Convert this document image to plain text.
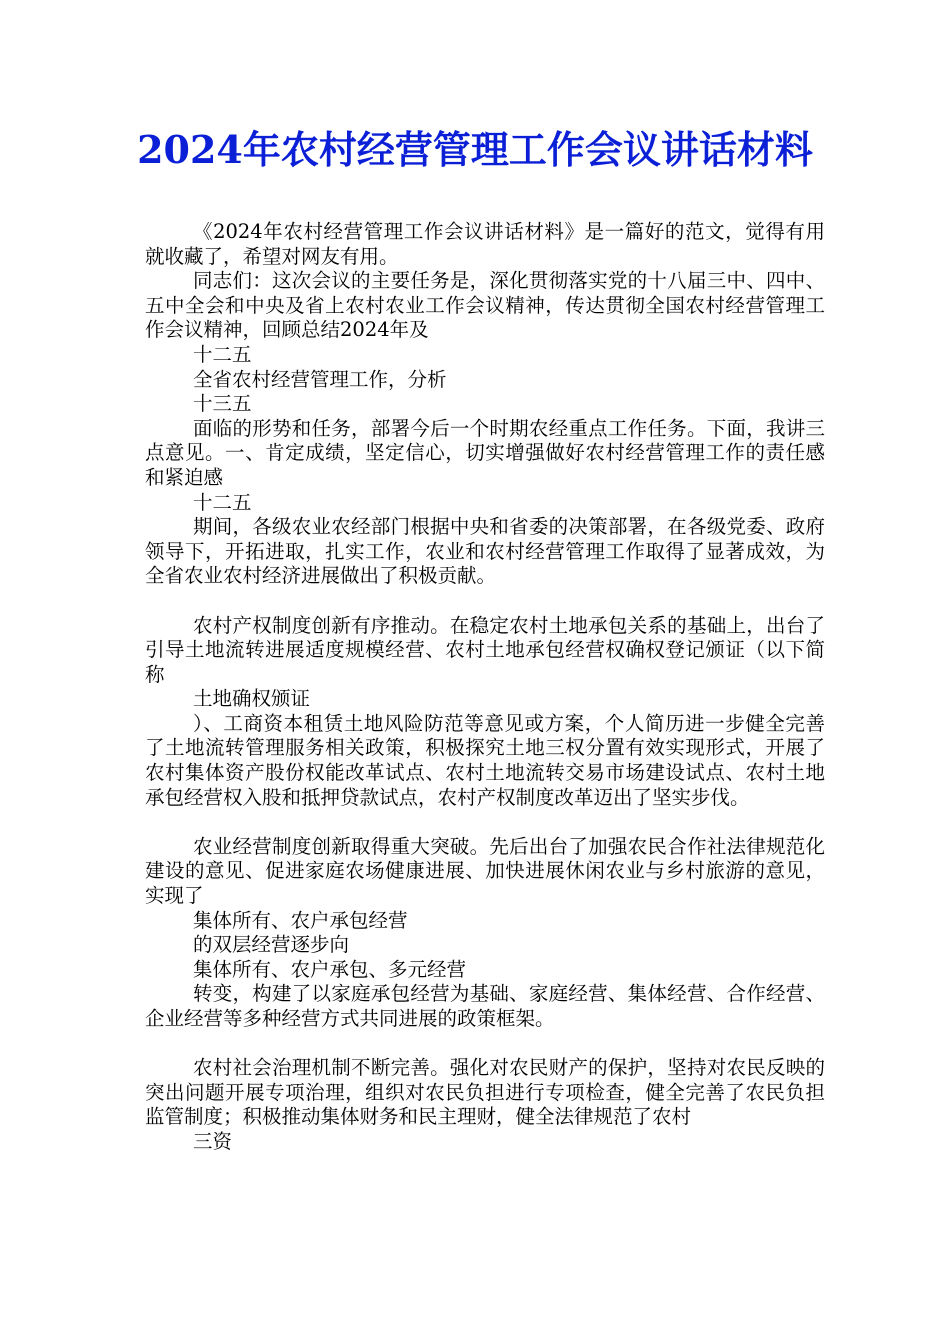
2024年农村经营管理工作会议讲话材料

《2024年农村经营管理工作会议讲话材料》是一篇好的范文，觉得有用就收藏了，希望对网友有用。

同志们：这次会议的主要任务是，深化贯彻落实党的十八届三中、四中、五中全会和中央及省上农村农业工作会议精神，传达贯彻全国农村经营管理工作会议精神，回顾总结2024年及

十二五

全省农村经营管理工作，分析

十三五

面临的形势和任务，部署今后一个时期农经重点工作任务。下面，我讲三点意见。一、肯定成绩，坚定信心，切实增强做好农村经营管理工作的责任感和紧迫感

十二五

期间，各级农业农经部门根据中央和省委的决策部署，在各级党委、政府领导下，开拓进取，扎实工作，农业和农村经营管理工作取得了显著成效，为全省农业农村经济进展做出了积极贡献。

农村产权制度创新有序推动。在稳定农村土地承包关系的基础上，出台了引导土地流转进展适度规模经营、农村土地承包经营权确权登记颁证（以下简称

土地确权颁证

）、工商资本租赁土地风险防范等意见或方案，个人简历进一步健全完善了土地流转管理服务相关政策，积极探究土地三权分置有效实现形式，开展了农村集体资产股份权能改革试点、农村土地流转交易市场建设试点、农村土地承包经营权入股和抵押贷款试点，农村产权制度改革迈出了坚实步伐。

农业经营制度创新取得重大突破。先后出台了加强农民合作社法律规范化建设的意见、促进家庭农场健康进展、加快进展休闲农业与乡村旅游的意见，实现了

集体所有、农户承包经营

的双层经营逐步向

集体所有、农户承包、多元经营

转变，构建了以家庭承包经营为基础、家庭经营、集体经营、合作经营、企业经营等多种经营方式共同进展的政策框架。

农村社会治理机制不断完善。强化对农民财产的保护，坚持对农民反映的突出问题开展专项治理，组织对农民负担进行专项检查，健全完善了农民负担监管制度；积极推动集体财务和民主理财，健全法律规范了农村

三资
